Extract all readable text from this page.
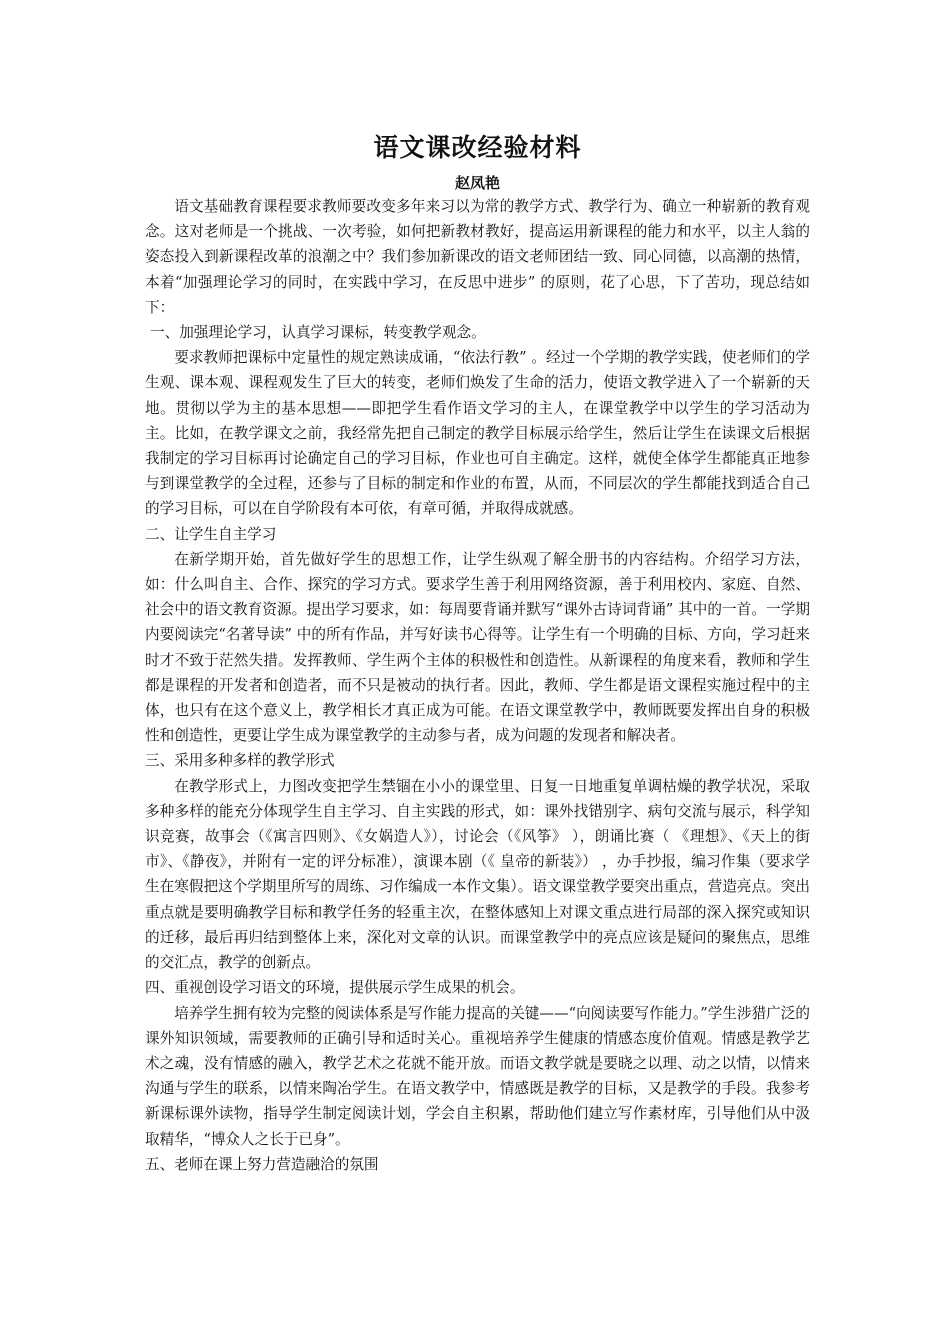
语文课改经验材料

赵凤艳

语文基础教育课程要求教师要改变多年来习以为常的教学方式、教学行为、确立一种崭新的教育观念。这对老师是一个挑战、一次考验，如何把新教材教好，提高运用新课程的能力和水平，以主人翁的姿态投入到新课程改革的浪潮之中？我们参加新课改的语文老师团结一致、同心同德，以高潮的热情，本着“加强理论学习的同时，在实践中学习，在反思中进步” 的原则，花了心思，下了苦功，现总结如下：

一、加强理论学习，认真学习课标，转变教学观念。

要求教师把课标中定量性的规定熟读成诵，“依法行教” 。经过一个学期的教学实践，使老师们的学生观、课本观、课程观发生了巨大的转变，老师们焕发了生命的活力，使语文教学进入了一个崭新的天地。贯彻以学为主的基本思想——即把学生看作语文学习的主人，在课堂教学中以学生的学习活动为主。比如，在教学课文之前，我经常先把自己制定的教学目标展示给学生，然后让学生在读课文后根据我制定的学习目标再讨论确定自己的学习目标，作业也可自主确定。这样，就使全体学生都能真正地参与到课堂教学的全过程，还参与了目标的制定和作业的布置，从而，不同层次的学生都能找到适合自己的学习目标，可以在自学阶段有本可依，有章可循，并取得成就感。

二、让学生自主学习

在新学期开始，首先做好学生的思想工作，让学生纵观了解全册书的内容结构。介绍学习方法，如：什么叫自主、合作、探究的学习方式。要求学生善于利用网络资源，善于利用校内、家庭、自然、社会中的语文教育资源。提出学习要求，如：每周要背诵并默写“课外古诗词背诵” 其中的一首。一学期内要阅读完“名著导读” 中的所有作品，并写好读书心得等。让学生有一个明确的目标、方向，学习赶来时才不致于茫然失措。发挥教师、学生两个主体的积极性和创造性。从新课程的角度来看，教师和学生都是课程的开发者和创造者，而不只是被动的执行者。因此，教师、学生都是语文课程实施过程中的主体，也只有在这个意义上，教学相长才真正成为可能。在语文课堂教学中，教师既要发挥出自身的积极性和创造性，更要让学生成为课堂教学的主动参与者，成为问题的发现者和解决者。

三、采用多种多样的教学形式

在教学形式上，力图改变把学生禁锢在小小的课堂里、日复一日地重复单调枯燥的教学状况，采取多种多样的能充分体现学生自主学习、自主实践的形式，如：课外找错别字、病句交流与展示，科学知识竞赛，故事会（《寓言四则》、《女娲造人》），讨论会（《风筝》 ），朗诵比赛（ 《理想》、《天上的街市》、《静夜》，并附有一定的评分标准），演课本剧（《 皇帝的新装》） ，办手抄报，编习作集（要求学生在寒假把这个学期里所写的周练、习作编成一本作文集）。语文课堂教学要突出重点，营造亮点。突出重点就是要明确教学目标和教学任务的轻重主次，在整体感知上对课文重点进行局部的深入探究或知识的迁移，最后再归结到整体上来，深化对文章的认识。而课堂教学中的亮点应该是疑问的聚焦点，思维的交汇点，教学的创新点。

四、重视创设学习语文的环境，提供展示学生成果的机会。

培养学生拥有较为完整的阅读体系是写作能力提高的关键——“向阅读要写作能力。”学生涉猎广泛的课外知识领域，需要教师的正确引导和适时关心。重视培养学生健康的情感态度价值观。情感是教学艺术之魂，没有情感的融入，教学艺术之花就不能开放。而语文教学就是要晓之以理、动之以情，以情来沟通与学生的联系，以情来陶冶学生。在语文教学中，情感既是教学的目标，又是教学的手段。我参考新课标课外读物，指导学生制定阅读计划，学会自主积累，帮助他们建立写作素材库，引导他们从中汲取精华，“博众人之长于已身”。

五、老师在课上努力营造融洽的氛围
